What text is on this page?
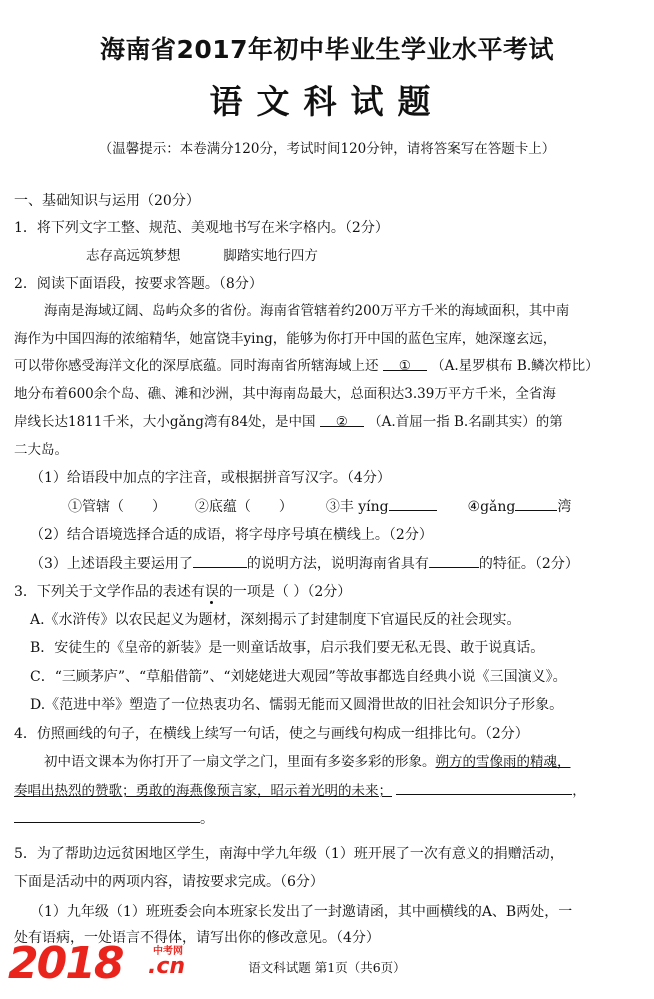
海南省2017年初中毕业生学业水平考试
语文科试题
（温馨提示：本卷满分120分，考试时间120分钟，请将答案写在答题卡上）
一、基础知识与运用（20分）
1．将下列文字工整、规范、美观地书写在米字格内。（2分）
志存高远筑梦想          脚踏实地行四方
2．阅读下面语段，按要求答题。（8分）
海南是海域辽阔、岛屿众多的省份。海南省管辖着约200万平方千米的海域面积，其中南
海作为中国四海的浓缩精华，她富饶丰ying，能够为你打开中国的蓝色宝库，她深邃玄远，
可以带你感受海洋文化的深厚底蕴。同时海南省所辖海域上还 ① （A.星罗棋布 B.鳞次栉比）
地分布着600余个岛、礁、滩和沙洲，其中海南岛最大，总面积达3.39万平方千米，全省海
岸线长达1811千米，大小gǎng湾有84处，是中国 ② （A.首屈一指 B.名副其实）的第
二大岛。
（1）给语段中加点的字注音，或根据拼音写汉字。（4分）
①管辖（ ） ②底蕴（ ） ③丰 yíng	④gǎng	湾
（2）结合语境选择合适的成语，将字母序号填在横线上。（2分）
（3）上述语段主要运用了	的说明方法，说明海南省具有	的特征。（2分）
3．下列关于文学作品的表述有误的一项是（ ）（2分）
A.《水浒传》以农民起义为题材，深刻揭示了封建制度下官逼民反的社会现实。
B．安徒生的《皇帝的新装》是一则童话故事，启示我们要无私无畏、敢于说真话。
C．“三顾茅庐”、“草船借箭”、“刘姥姥进大观园”等故事都选自经典小说《三国演义》。
D.《范进中举》塑造了一位热衷功名、懦弱无能而又圆滑世故的旧社会知识分子形象。
4．仿照画线的句子，在横线上续写一句话，使之与画线句构成一组排比句。（2分）
初中语文课本为你打开了一扇文学之门，里面有多姿多彩的形象。朔方的雪像雨的精魂，
奏唱出热烈的赞歌；勇敢的海燕像预言家，昭示着光明的未来；	，
。
5．为了帮助边远贫困地区学生，南海中学九年级（1）班开展了一次有意义的捐赠活动，
下面是活动中的两项内容，请按要求完成。（6分）
（1）九年级（1）班班委会向本班家长发出了一封邀请函，其中画横线的A、B两处，一
处有语病，一处语言不得体，请写出你的修改意见。（4分）
语文科试题 第1页（共6页）
2018	中考网
.cn
